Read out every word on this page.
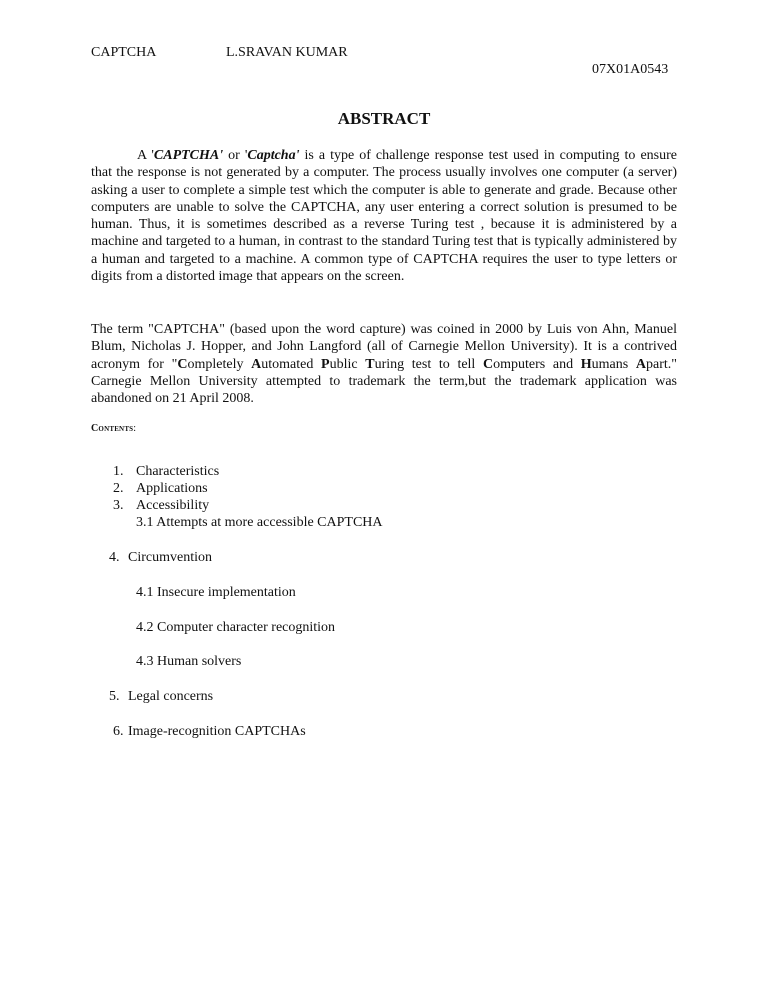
CAPTCHA	L.SRAVAN KUMAR
07X01A0543
ABSTRACT
A 'CAPTCHA' or 'Captcha' is a type of challenge response test used in computing to ensure that the response is not generated by a computer. The process usually involves one computer (a server) asking a user to complete a simple test which the computer is able to generate and grade. Because other computers are unable to solve the CAPTCHA, any user entering a correct solution is presumed to be human. Thus, it is sometimes described as a reverse Turing test , because it is administered by a machine and targeted to a human, in contrast to the standard Turing test that is typically administered by a human and targeted to a machine. A common type of CAPTCHA requires the user to type letters or digits from a distorted image that appears on the screen.
The term "CAPTCHA" (based upon the word capture) was coined in 2000 by Luis von Ahn, Manuel Blum, Nicholas J. Hopper, and John Langford (all of Carnegie Mellon University). It is a contrived acronym for "Completely Automated Public Turing test to tell Computers and Humans Apart." Carnegie Mellon University attempted to trademark the term,but the trademark application was abandoned on 21 April 2008.
Contents:
1. Characteristics
2. Applications
3. Accessibility
3.1 Attempts at more accessible CAPTCHA
4. Circumvention
4.1 Insecure implementation
4.2 Computer character recognition
4.3 Human solvers
5. Legal concerns
6. Image-recognition CAPTCHAs
